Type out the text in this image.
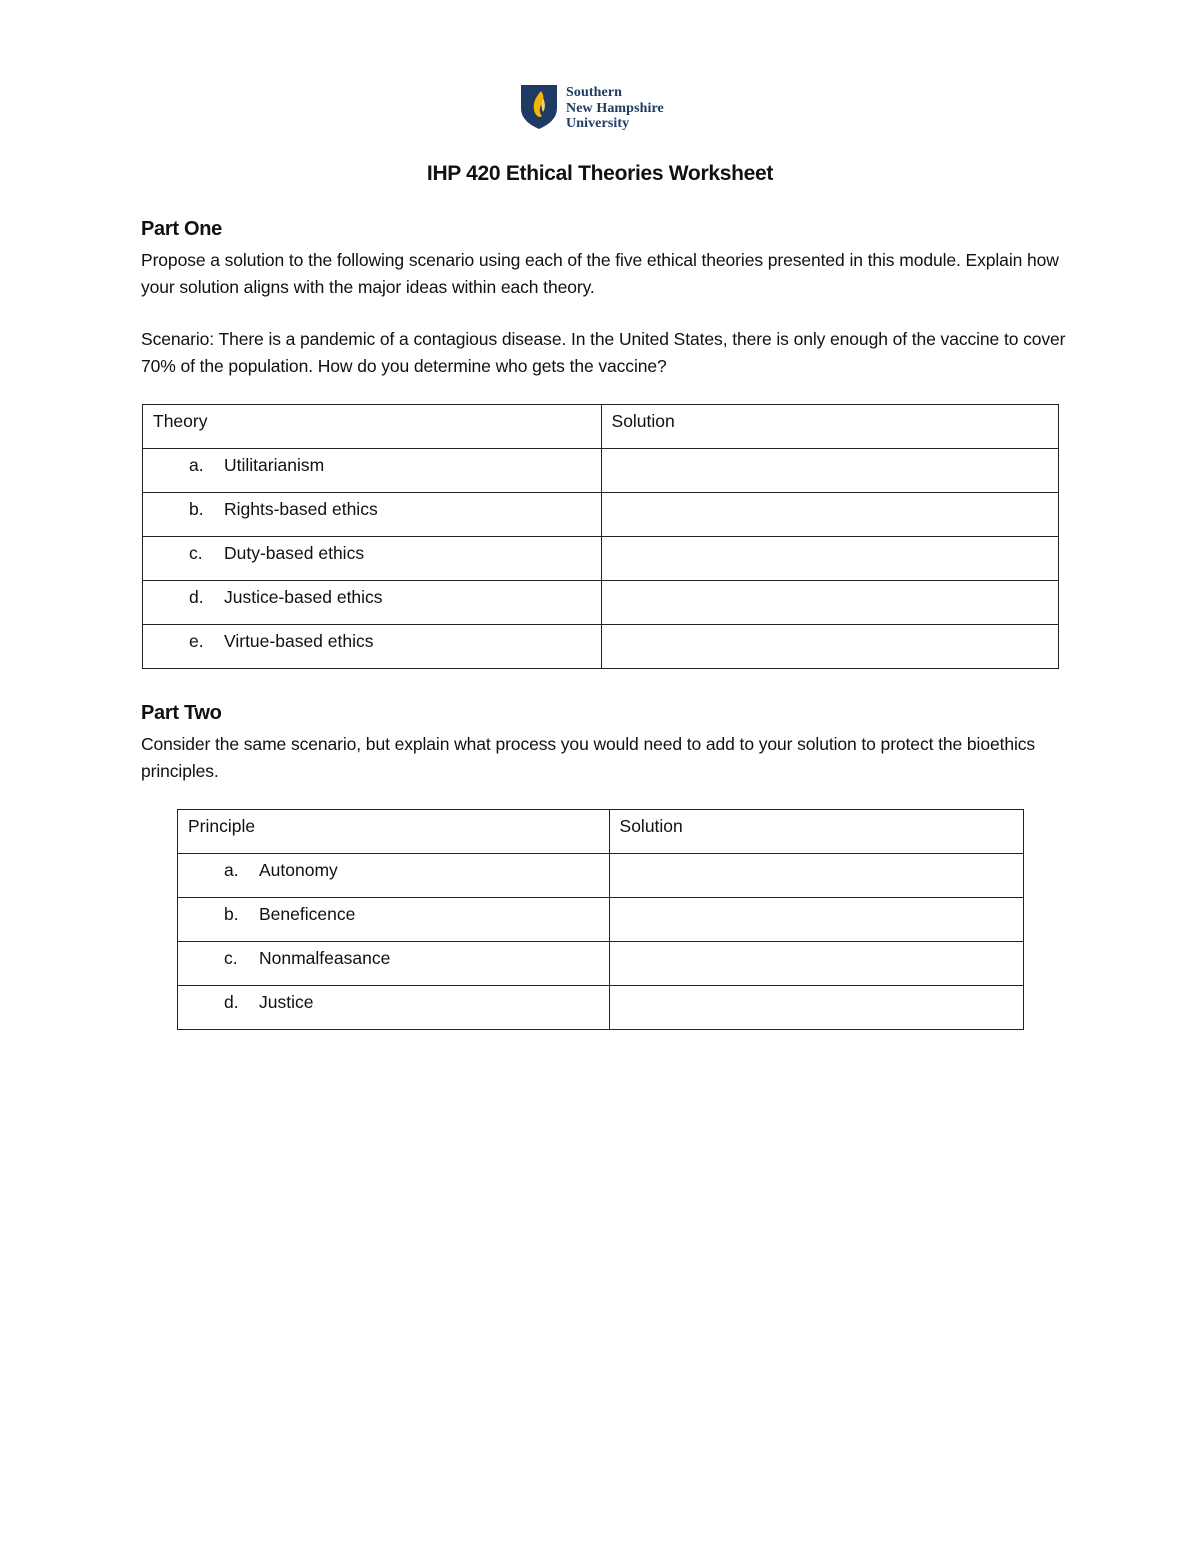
Southern
New Hampshire
University
IHP 420 Ethical Theories Worksheet
Part One
Propose a solution to the following scenario using each of the five ethical theories presented in this module. Explain how your solution aligns with the major ideas within each theory.
Scenario: There is a pandemic of a contagious disease. In the United States, there is only enough of the vaccine to cover 70% of the population. How do you determine who gets the vaccine?
Theory	Solution
a. Utilitarianism	
b. Rights-based ethics	
c. Duty-based ethics	
d. Justice-based ethics	
e. Virtue-based ethics	
Part Two
Consider the same scenario, but explain what process you would need to add to your solution to protect the bioethics principles.
Principle	Solution
a. Autonomy	
b. Beneficence	
c. Nonmalfeasance	
d. Justice	
